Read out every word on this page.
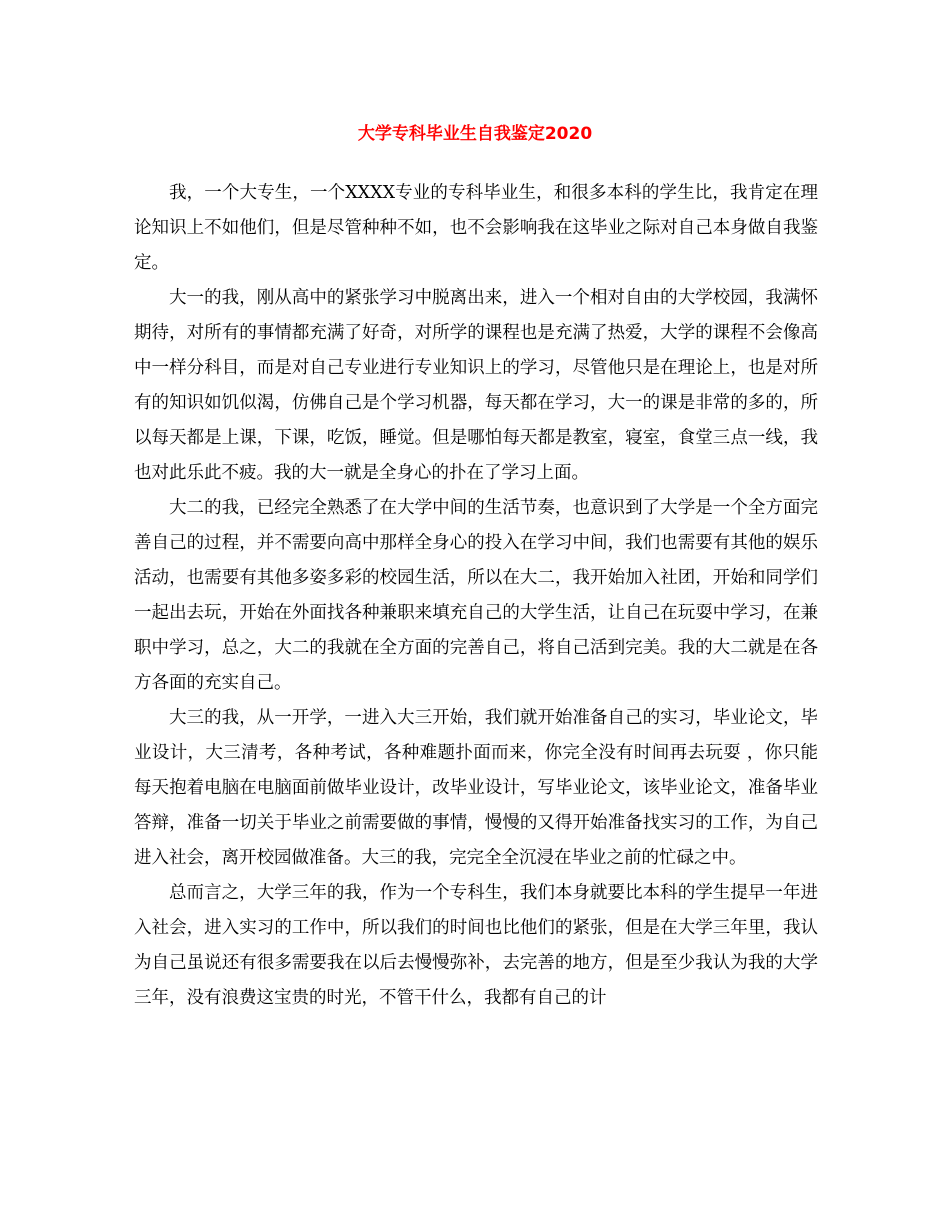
大学专科毕业生自我鉴定2020

我，一个大专生，一个XXXX专业的专科毕业生，和很多本科的学生比，我肯定在理论知识上不如他们，但是尽管种种不如，也不会影响我在这毕业之际对自己本身做自我鉴定。

大一的我，刚从高中的紧张学习中脱离出来，进入一个相对自由的大学校园，我满怀期待，对所有的事情都充满了好奇，对所学的课程也是充满了热爱，大学的课程不会像高中一样分科目，而是对自己专业进行专业知识上的学习，尽管他只是在理论上，也是对所有的知识如饥似渴，仿佛自己是个学习机器，每天都在学习，大一的课是非常的多的，所以每天都是上课，下课，吃饭，睡觉。但是哪怕每天都是教室，寝室，食堂三点一线，我也对此乐此不疲。我的大一就是全身心的扑在了学习上面。

大二的我，已经完全熟悉了在大学中间的生活节奏，也意识到了大学是一个全方面完善自己的过程，并不需要向高中那样全身心的投入在学习中间，我们也需要有其他的娱乐活动，也需要有其他多姿多彩的校园生活，所以在大二，我开始加入社团，开始和同学们一起出去玩，开始在外面找各种兼职来填充自己的大学生活，让自己在玩耍中学习，在兼职中学习，总之，大二的我就在全方面的完善自己，将自己活到完美。我的大二就是在各方各面的充实自己。

大三的我，从一开学，一进入大三开始，我们就开始准备自己的实习，毕业论文，毕业设计，大三清考，各种考试，各种难题扑面而来，你完全没有时间再去玩耍 ，你只能每天抱着电脑在电脑面前做毕业设计，改毕业设计，写毕业论文，该毕业论文，准备毕业答辩，准备一切关于毕业之前需要做的事情，慢慢的又得开始准备找实习的工作，为自己进入社会，离开校园做准备。大三的我，完完全全沉浸在毕业之前的忙碌之中。

总而言之，大学三年的我，作为一个专科生，我们本身就要比本科的学生提早一年进入社会，进入实习的工作中，所以我们的时间也比他们的紧张，但是在大学三年里，我认为自己虽说还有很多需要我在以后去慢慢弥补，去完善的地方，但是至少我认为我的大学三年，没有浪费这宝贵的时光，不管干什么，我都有自己的计
